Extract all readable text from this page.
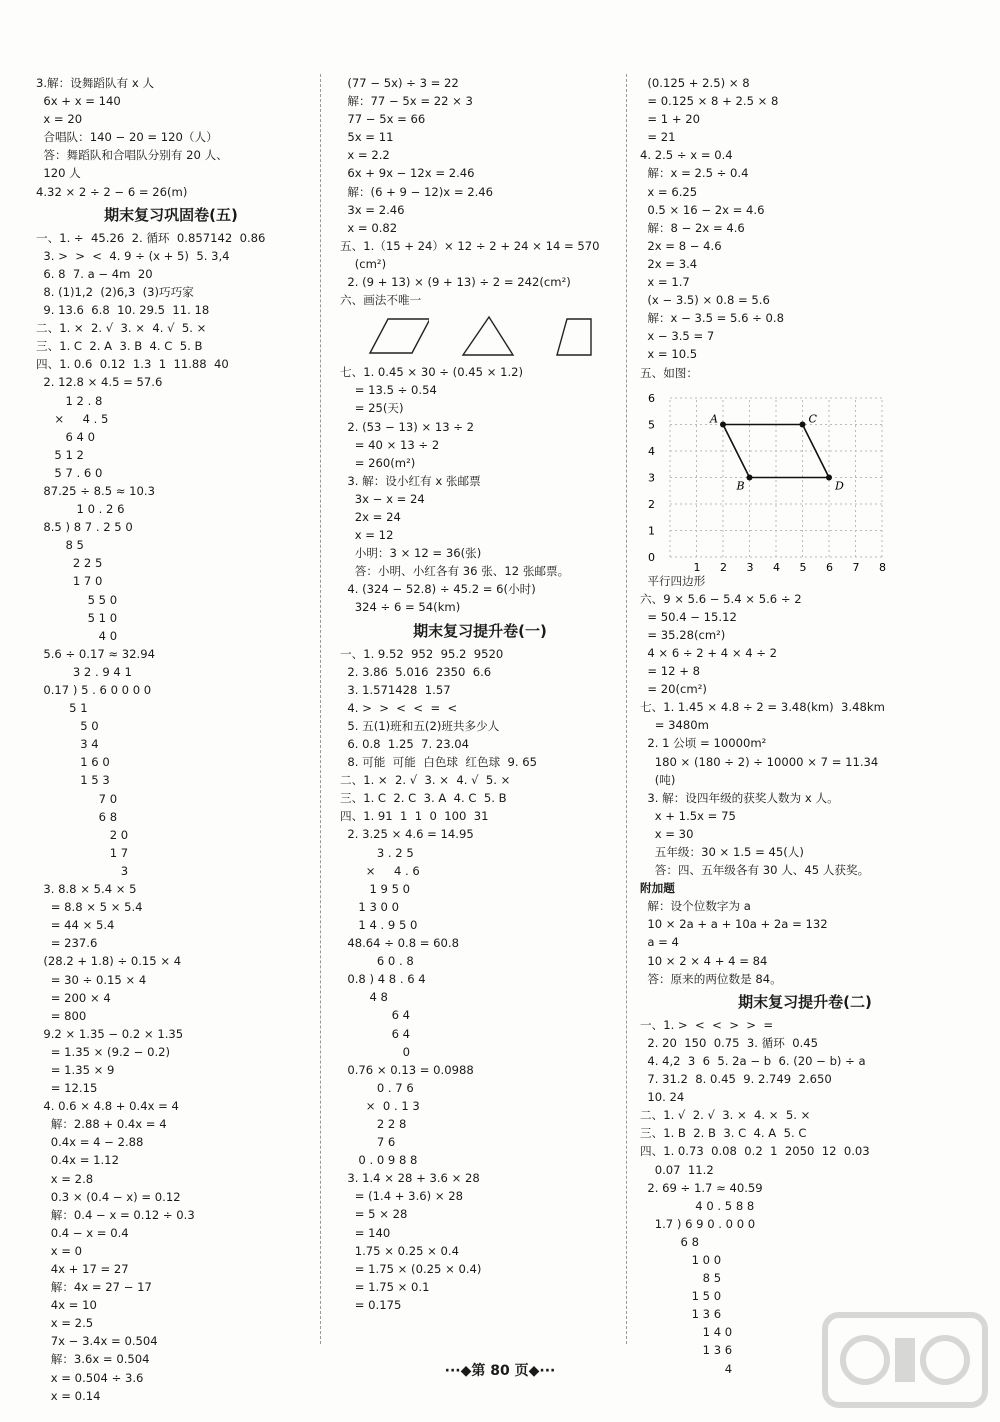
3.解：设舞蹈队有 x 人
6x + x = 140
x = 20
合唱队：140 − 20 = 120（人）
答：舞蹈队和合唱队分别有 20 人、
120 人
4.32 × 2 ÷ 2 − 6 = 26(m)
期末复习巩固卷(五)
一、1. ÷  45.26  2. 循环  0.857142  0.86
3. >  >  <  4. 9 ÷ (x + 5)  5. 3,4
6. 8  7. a − 4m  20
8. (1)1,2  (2)6,3  (3)巧巧家
9. 13.6  6.8  10. 29.5  11. 18
二、1. ×  2. √  3. ×  4. √  5. ×
三、1. C  2. A  3. B  4. C  5. B
四、1. 0.6  0.12  1.3  1  11.88  40
2. 12.8 × 4.5 = 57.6
1 2 . 8
×     4 . 5
6 4 0
5 1 2
5 7 . 6 0
87.25 ÷ 8.5 ≈ 10.3
1 0 . 2 6
8.5 ) 8 7 . 2 5 0
8 5
2 2 5
1 7 0
5 5 0
5 1 0
4 0
5.6 ÷ 0.17 ≈ 32.94
3 2 . 9 4 1
0.17 ) 5 . 6 0 0 0 0
5 1
5 0
3 4
1 6 0
1 5 3
7 0
6 8
2 0
1 7
3
3. 8.8 × 5.4 × 5
= 8.8 × 5 × 5.4
= 44 × 5.4
= 237.6
(28.2 + 1.8) ÷ 0.15 × 4
= 30 ÷ 0.15 × 4
= 200 × 4
= 800
9.2 × 1.35 − 0.2 × 1.35
= 1.35 × (9.2 − 0.2)
= 1.35 × 9
= 12.15
4. 0.6 × 4.8 + 0.4x = 4
解：2.88 + 0.4x = 4
0.4x = 4 − 2.88
0.4x = 1.12
x = 2.8
0.3 × (0.4 − x) = 0.12
解：0.4 − x = 0.12 ÷ 0.3
0.4 − x = 0.4
x = 0
4x + 17 = 27
解：4x = 27 − 17
4x = 10
x = 2.5
7x − 3.4x = 0.504
解：3.6x = 0.504
x = 0.504 ÷ 3.6
x = 0.14
(77 − 5x) ÷ 3 = 22
解：77 − 5x = 22 × 3
77 − 5x = 66
5x = 11
x = 2.2
6x + 9x − 12x = 2.46
解：(6 + 9 − 12)x = 2.46
3x = 2.46
x = 0.82
五、1.（15 + 24）× 12 ÷ 2 + 24 × 14 = 570
(cm²)
2. (9 + 13) × (9 + 13) ÷ 2 = 242(cm²)
六、画法不唯一
七、1. 0.45 × 30 ÷ (0.45 × 1.2)
= 13.5 ÷ 0.54
= 25(天)
2. (53 − 13) × 13 ÷ 2
= 40 × 13 ÷ 2
= 260(m²)
3. 解：设小红有 x 张邮票
3x − x = 24
2x = 24
x = 12
小明：3 × 12 = 36(张)
答：小明、小红各有 36 张、12 张邮票。
4. (324 − 52.8) ÷ 45.2 = 6(小时)
324 ÷ 6 = 54(km)
期末复习提升卷(一)
一、1. 9.52  952  95.2  9520
2. 3.86  5.016  2350  6.6
3. 1.571428  1.57
4. >  >  <  <  =  <
5. 五(1)班和五(2)班共多少人
6. 0.8  1.25  7. 23.04
8. 可能  可能  白色球  红色球  9. 65
二、1. ×  2. √  3. ×  4. √  5. ×
三、1. C  2. C  3. A  4. C  5. B
四、1. 91  1  1  0  100  31
2. 3.25 × 4.6 = 14.95
3 . 2 5
×     4 . 6
1 9 5 0
1 3 0 0
1 4 . 9 5 0
48.64 ÷ 0.8 = 60.8
6 0 . 8
0.8 ) 4 8 . 6 4
4 8
6 4
6 4
0
0.76 × 0.13 = 0.0988
0 . 7 6
×  0 . 1 3
2 2 8
7 6
0 . 0 9 8 8
3. 1.4 × 28 + 3.6 × 28
= (1.4 + 3.6) × 28
= 5 × 28
= 140
1.75 × 0.25 × 0.4
= 1.75 × (0.25 × 0.4)
= 1.75 × 0.1
= 0.175
(0.125 + 2.5) × 8
= 0.125 × 8 + 2.5 × 8
= 1 + 20
= 21
4. 2.5 ÷ x = 0.4
解：x = 2.5 ÷ 0.4
x = 6.25
0.5 × 16 − 2x = 4.6
解：8 − 2x = 4.6
2x = 8 − 4.6
2x = 3.4
x = 1.7
(x − 3.5) × 0.8 = 5.6
解：x − 3.5 = 5.6 ÷ 0.8
x − 3.5 = 7
x = 10.5
五、如图：
6
5
4
3
2
1
0
1 2 3 4 5 6 7 8
A	C
B	D
平行四边形
六、9 × 5.6 − 5.4 × 5.6 ÷ 2
= 50.4 − 15.12
= 35.28(cm²)
4 × 6 ÷ 2 + 4 × 4 ÷ 2
= 12 + 8
= 20(cm²)
七、1. 1.45 × 4.8 ÷ 2 = 3.48(km)  3.48km
= 3480m
2. 1 公顷 = 10000m²
180 × (180 ÷ 2) ÷ 10000 × 7 = 11.34
(吨)
3. 解：设四年级的获奖人数为 x 人。
x + 1.5x = 75
x = 30
五年级：30 × 1.5 = 45(人)
答：四、五年级各有 30 人、45 人获奖。
附加题
解：设个位数字为 a
10 × 2a + a + 10a + 2a = 132
a = 4
10 × 2 × 4 + 4 = 84
答：原来的两位数是 84。
期末复习提升卷(二)
一、1. >  <  <  >  >  =
2. 20  150  0.75  3. 循环  0.45
4. 4,2  3  6  5. 2a − b  6. (20 − b) ÷ a
7. 31.2  8. 0.45  9. 2.749  2.650
10. 24
二、1. √  2. √  3. ×  4. ×  5. ×
三、1. B  2. B  3. C  4. A  5. C
四、1. 0.73  0.08  0.2  1  2050  12  0.03
0.07  11.2
2. 69 ÷ 1.7 ≈ 40.59
4 0 . 5 8 8
1.7 ) 6 9 0 . 0 0 0
6 8
1 0 0
8 5
1 5 0
1 3 6
1 4 0
1 3 6
4
···◆第 80 页◆···
